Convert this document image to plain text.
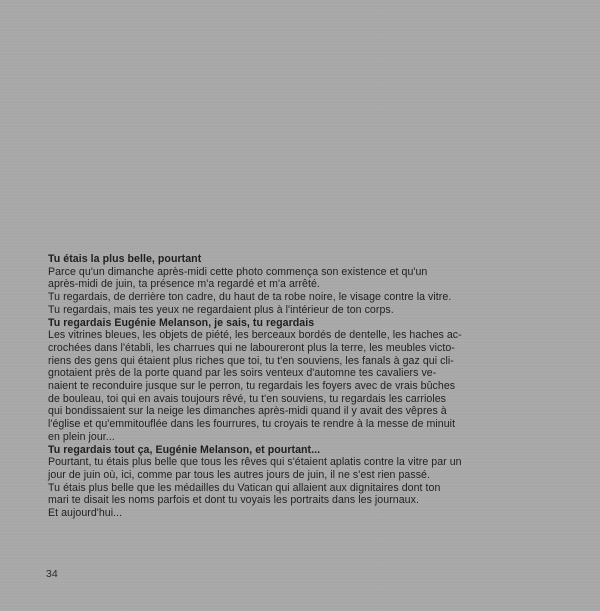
Tu étais la plus belle, pourtant
Parce qu'un dimanche après-midi cette photo commença son existence et qu'un
après-midi de juin, ta présence m'a regardé et m'a arrêté.
Tu regardais, de derrière ton cadre, du haut de ta robe noire, le visage contre la vitre.
Tu regardais, mais tes yeux ne regardaient plus à l'intérieur de ton corps.
Tu regardais Eugénie Melanson, je sais, tu regardais
Les vitrines bleues, les objets de piété, les berceaux bordés de dentelle, les haches ac-
crochées dans l'établi, les charrues qui ne laboureront plus la terre, les meubles victo-
riens des gens qui étaient plus riches que toi, tu t'en souviens, les fanals à gaz qui cli-
gnotaient près de la porte quand par les soirs venteux d'automne tes cavaliers ve-
naient te reconduire jusque sur le perron, tu regardais les foyers avec de vrais bûches
de bouleau, toi qui en avais toujours rêvé, tu t'en souviens, tu regardais les carrioles
qui bondissaient sur la neige les dimanches après-midi quand il y avait des vêpres à
l'église et qu'emmitouflée dans les fourrures, tu croyais te rendre à la messe de minuit
en plein jour...
Tu regardais tout ça, Eugénie Melanson, et pourtant...
Pourtant, tu étais plus belle que tous les rêves qui s'étaient aplatis contre la vitre par un
jour de juin où, ici, comme par tous les autres jours de juin, il ne s'est rien passé.
Tu étais plus belle que les médailles du Vatican qui allaient aux dignitaires dont ton
mari te disait les noms parfois et dont tu voyais les portraits dans les journaux.
Et aujourd'hui...
34
